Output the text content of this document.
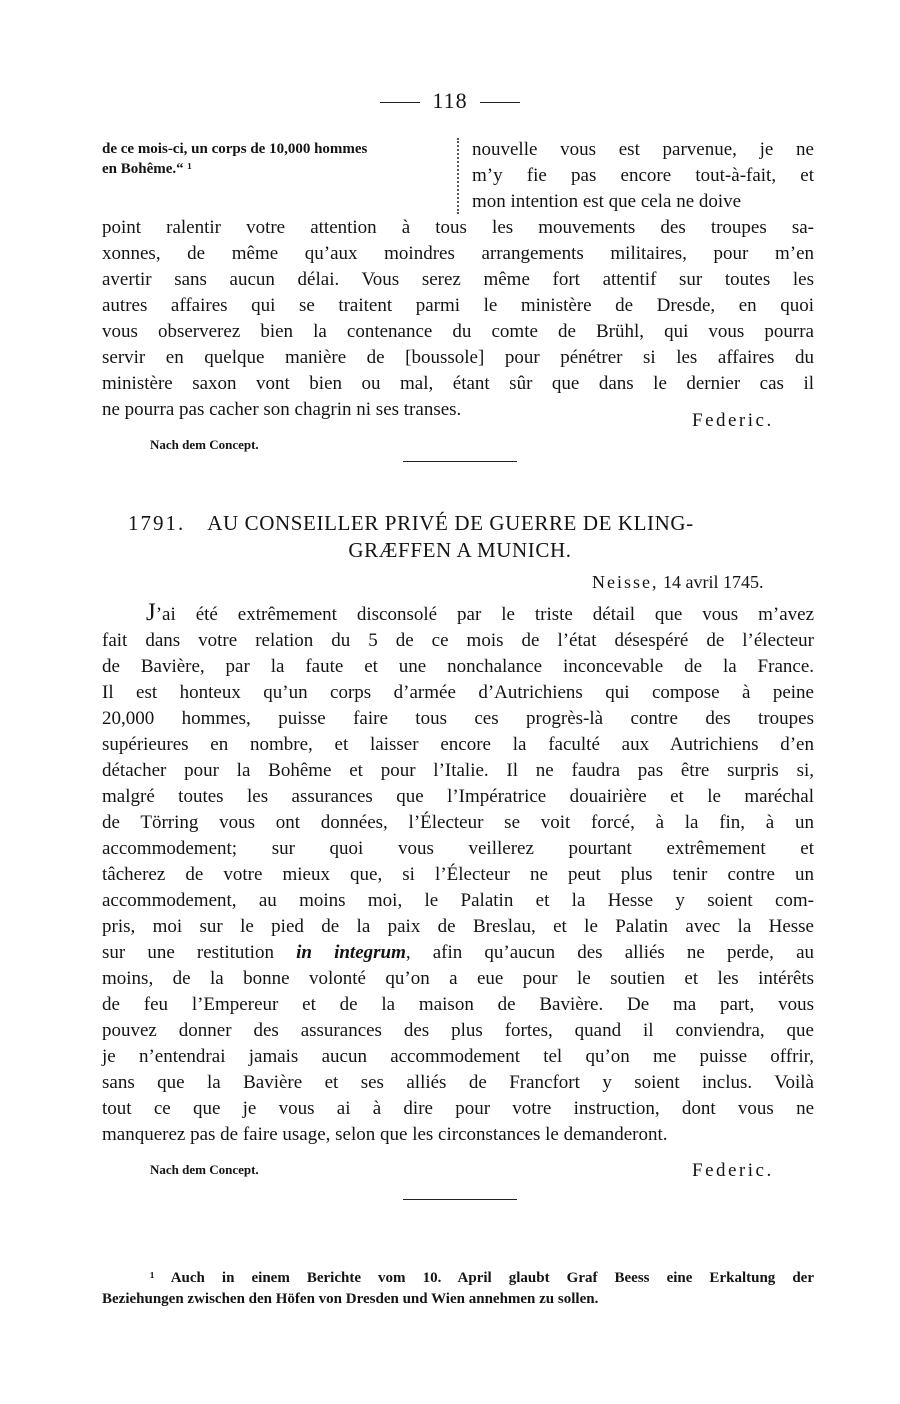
118
de ce mois-ci, un corps de 10,000 hommes
en Bohême.“ ¹
nouvelle vous est parvenue, je ne
m’y fie pas encore tout-à-fait, et
mon intention est que cela ne doive
point ralentir votre attention à tous les mouvements des troupes sa-
xonnes, de même qu’aux moindres arrangements militaires, pour m’en
avertir sans aucun délai. Vous serez même fort attentif sur toutes les
autres affaires qui se traitent parmi le ministère de Dresde, en quoi
vous observerez bien la contenance du comte de Brühl, qui vous pourra
servir en quelque manière de [boussole] pour pénétrer si les affaires du
ministère saxon vont bien ou mal, étant sûr que dans le dernier cas il
ne pourra pas cacher son chagrin ni ses transes.
Federic.
Nach dem Concept.
1791. AU CONSEILLER PRIVÉ DE GUERRE DE KLING-
GRÆFFEN A MUNICH.
Neisse, 14 avril 1745.
J’ai été extrêmement disconsolé par le triste détail que vous m’avez
fait dans votre relation du 5 de ce mois de l’état désespéré de l’électeur
de Bavière, par la faute et une nonchalance inconcevable de la France.
Il est honteux qu’un corps d’armée d’Autrichiens qui compose à peine
20,000 hommes, puisse faire tous ces progrès-là contre des troupes
supérieures en nombre, et laisser encore la faculté aux Autrichiens d’en
détacher pour la Bohême et pour l’Italie. Il ne faudra pas être surpris si,
malgré toutes les assurances que l’Impératrice douairière et le maréchal
de Törring vous ont données, l’Électeur se voit forcé, à la fin, à un
accommodement; sur quoi vous veillerez pourtant extrêmement et
tâcherez de votre mieux que, si l’Électeur ne peut plus tenir contre un
accommodement, au moins moi, le Palatin et la Hesse y soient com-
pris, moi sur le pied de la paix de Breslau, et le Palatin avec la Hesse
sur une restitution in integrum, afin qu’aucun des alliés ne perde, au
moins, de la bonne volonté qu’on a eue pour le soutien et les intérêts
de feu l’Empereur et de la maison de Bavière. De ma part, vous
pouvez donner des assurances des plus fortes, quand il conviendra, que
je n’entendrai jamais aucun accommodement tel qu’on me puisse offrir,
sans que la Bavière et ses alliés de Francfort y soient inclus. Voilà
tout ce que je vous ai à dire pour votre instruction, dont vous ne
manquerez pas de faire usage, selon que les circonstances le demanderont.
Nach dem Concept.	Federic.
¹ Auch in einem Berichte vom 10. April glaubt Graf Beess eine Erkaltung der
Beziehungen zwischen den Höfen von Dresden und Wien annehmen zu sollen.
